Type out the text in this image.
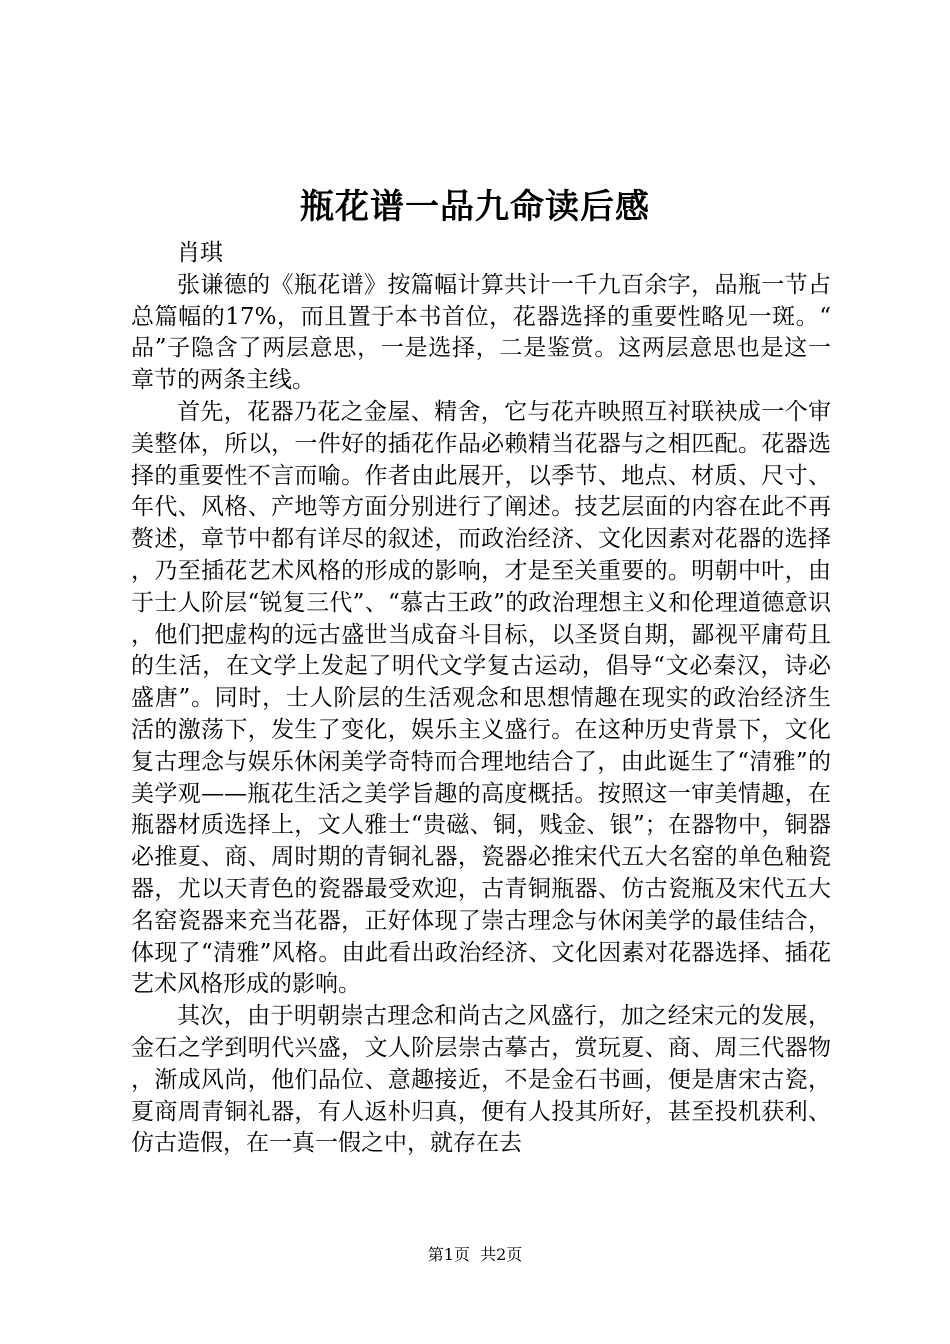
瓶花谱一品九命读后感

肖琪

张谦德的《瓶花谱》按篇幅计算共计一千九百余字，品瓶一节占总篇幅的17%，而且置于本书首位，花器选择的重要性略见一斑。“品”子隐含了两层意思，一是选择，二是鉴赏。这两层意思也是这一章节的两条主线。

首先，花器乃花之金屋、精舍，它与花卉映照互衬联袂成一个审美整体，所以，一件好的插花作品必赖精当花器与之相匹配。花器选择的重要性不言而喻。作者由此展开，以季节、地点、材质、尺寸、年代、风格、产地等方面分别进行了阐述。技艺层面的内容在此不再赘述，章节中都有详尽的叙述，而政治经济、文化因素对花器的选择，乃至插花艺术风格的形成的影响，才是至关重要的。明朝中叶，由于士人阶层“锐复三代”、“慕古王政”的政治理想主义和伦理道德意识，他们把虚构的远古盛世当成奋斗目标，以圣贤自期，鄙视平庸苟且的生活，在文学上发起了明代文学复古运动，倡导“文必秦汉，诗必盛唐”。同时，士人阶层的生活观念和思想情趣在现实的政治经济生活的激荡下，发生了变化，娱乐主义盛行。在这种历史背景下，文化复古理念与娱乐休闲美学奇特而合理地结合了，由此诞生了“清雅”的美学观——瓶花生活之美学旨趣的高度概括。按照这一审美情趣，在瓶器材质选择上，文人雅士“贵磁、铜，贱金、银”；在器物中，铜器必推夏、商、周时期的青铜礼器，瓷器必推宋代五大名窑的单色釉瓷器，尤以天青色的瓷器最受欢迎，古青铜瓶器、仿古瓷瓶及宋代五大名窑瓷器来充当花器，正好体现了崇古理念与休闲美学的最佳结合，体现了“清雅”风格。由此看出政治经济、文化因素对花器选择、插花艺术风格形成的影响。

其次，由于明朝崇古理念和尚古之风盛行，加之经宋元的发展，金石之学到明代兴盛，文人阶层崇古摹古，赏玩夏、商、周三代器物，渐成风尚，他们品位、意趣接近，不是金石书画，便是唐宋古瓷，夏商周青铜礼器，有人返朴归真，便有人投其所好，甚至投机获利、仿古造假，在一真一假之中，就存在去

第1页 共2页
